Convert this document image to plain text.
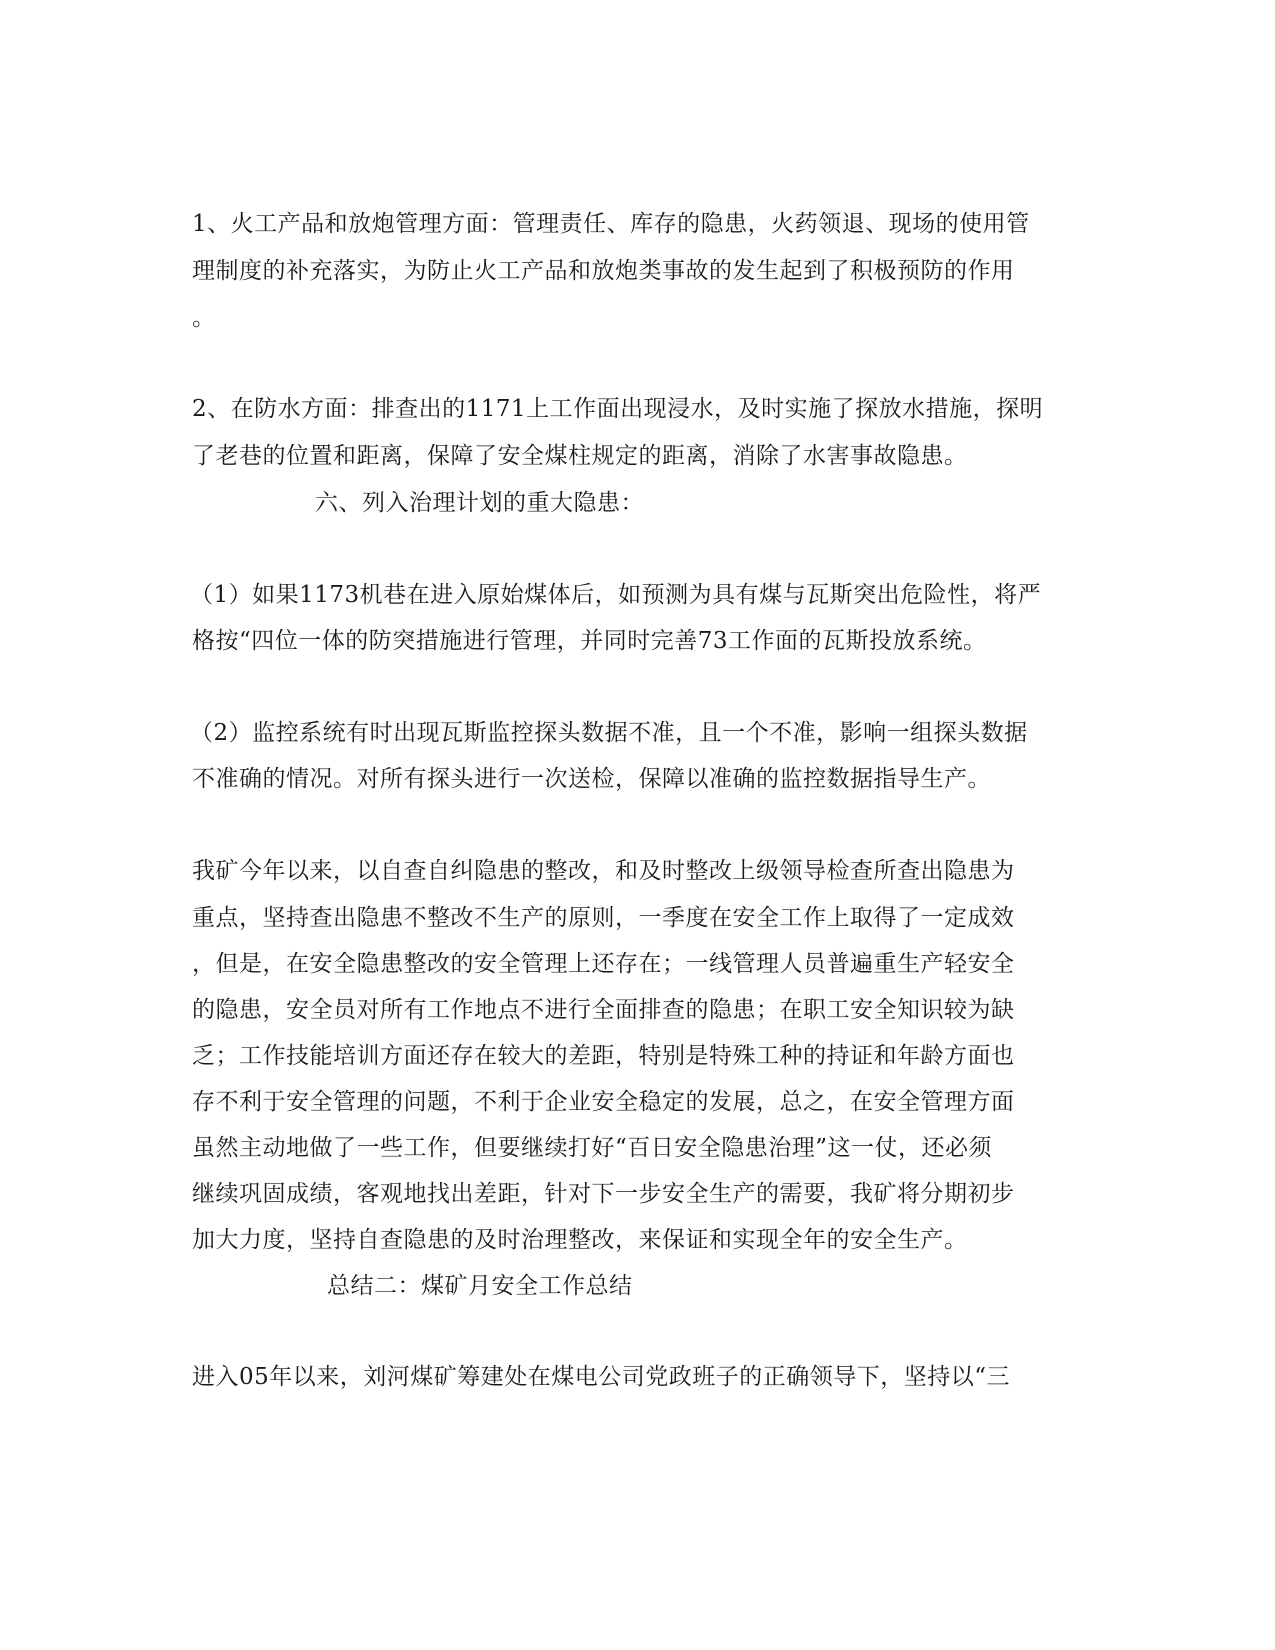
1、火工产品和放炮管理方面：管理责任、库存的隐患，火药领退、现场的使用管
理制度的补充落实，为防止火工产品和放炮类事故的发生起到了积极预防的作用
。
2、在防水方面：排查出的1171上工作面出现浸水，及时实施了探放水措施，探明
了老巷的位置和距离，保障了安全煤柱规定的距离，消除了水害事故隐患。
六、列入治理计划的重大隐患：
（1）如果1173机巷在进入原始煤体后，如预测为具有煤与瓦斯突出危险性，将严
格按“四位一体的防突措施进行管理，并同时完善73工作面的瓦斯投放系统。
（2）监控系统有时出现瓦斯监控探头数据不准，且一个不准，影响一组探头数据
不准确的情况。对所有探头进行一次送检，保障以准确的监控数据指导生产。
我矿今年以来，以自查自纠隐患的整改，和及时整改上级领导检查所查出隐患为
重点，坚持查出隐患不整改不生产的原则，一季度在安全工作上取得了一定成效
，但是，在安全隐患整改的安全管理上还存在；一线管理人员普遍重生产轻安全
的隐患，安全员对所有工作地点不进行全面排查的隐患；在职工安全知识较为缺
乏；工作技能培训方面还存在较大的差距，特别是特殊工种的持证和年龄方面也
存不利于安全管理的问题，不利于企业安全稳定的发展，总之，在安全管理方面
虽然主动地做了一些工作，但要继续打好“百日安全隐患治理”这一仗，还必须
继续巩固成绩，客观地找出差距，针对下一步安全生产的需要，我矿将分期初步
加大力度，坚持自查隐患的及时治理整改，来保证和实现全年的安全生产。
总结二：煤矿月安全工作总结
进入05年以来，刘河煤矿筹建处在煤电公司党政班子的正确领导下，坚持以“三
